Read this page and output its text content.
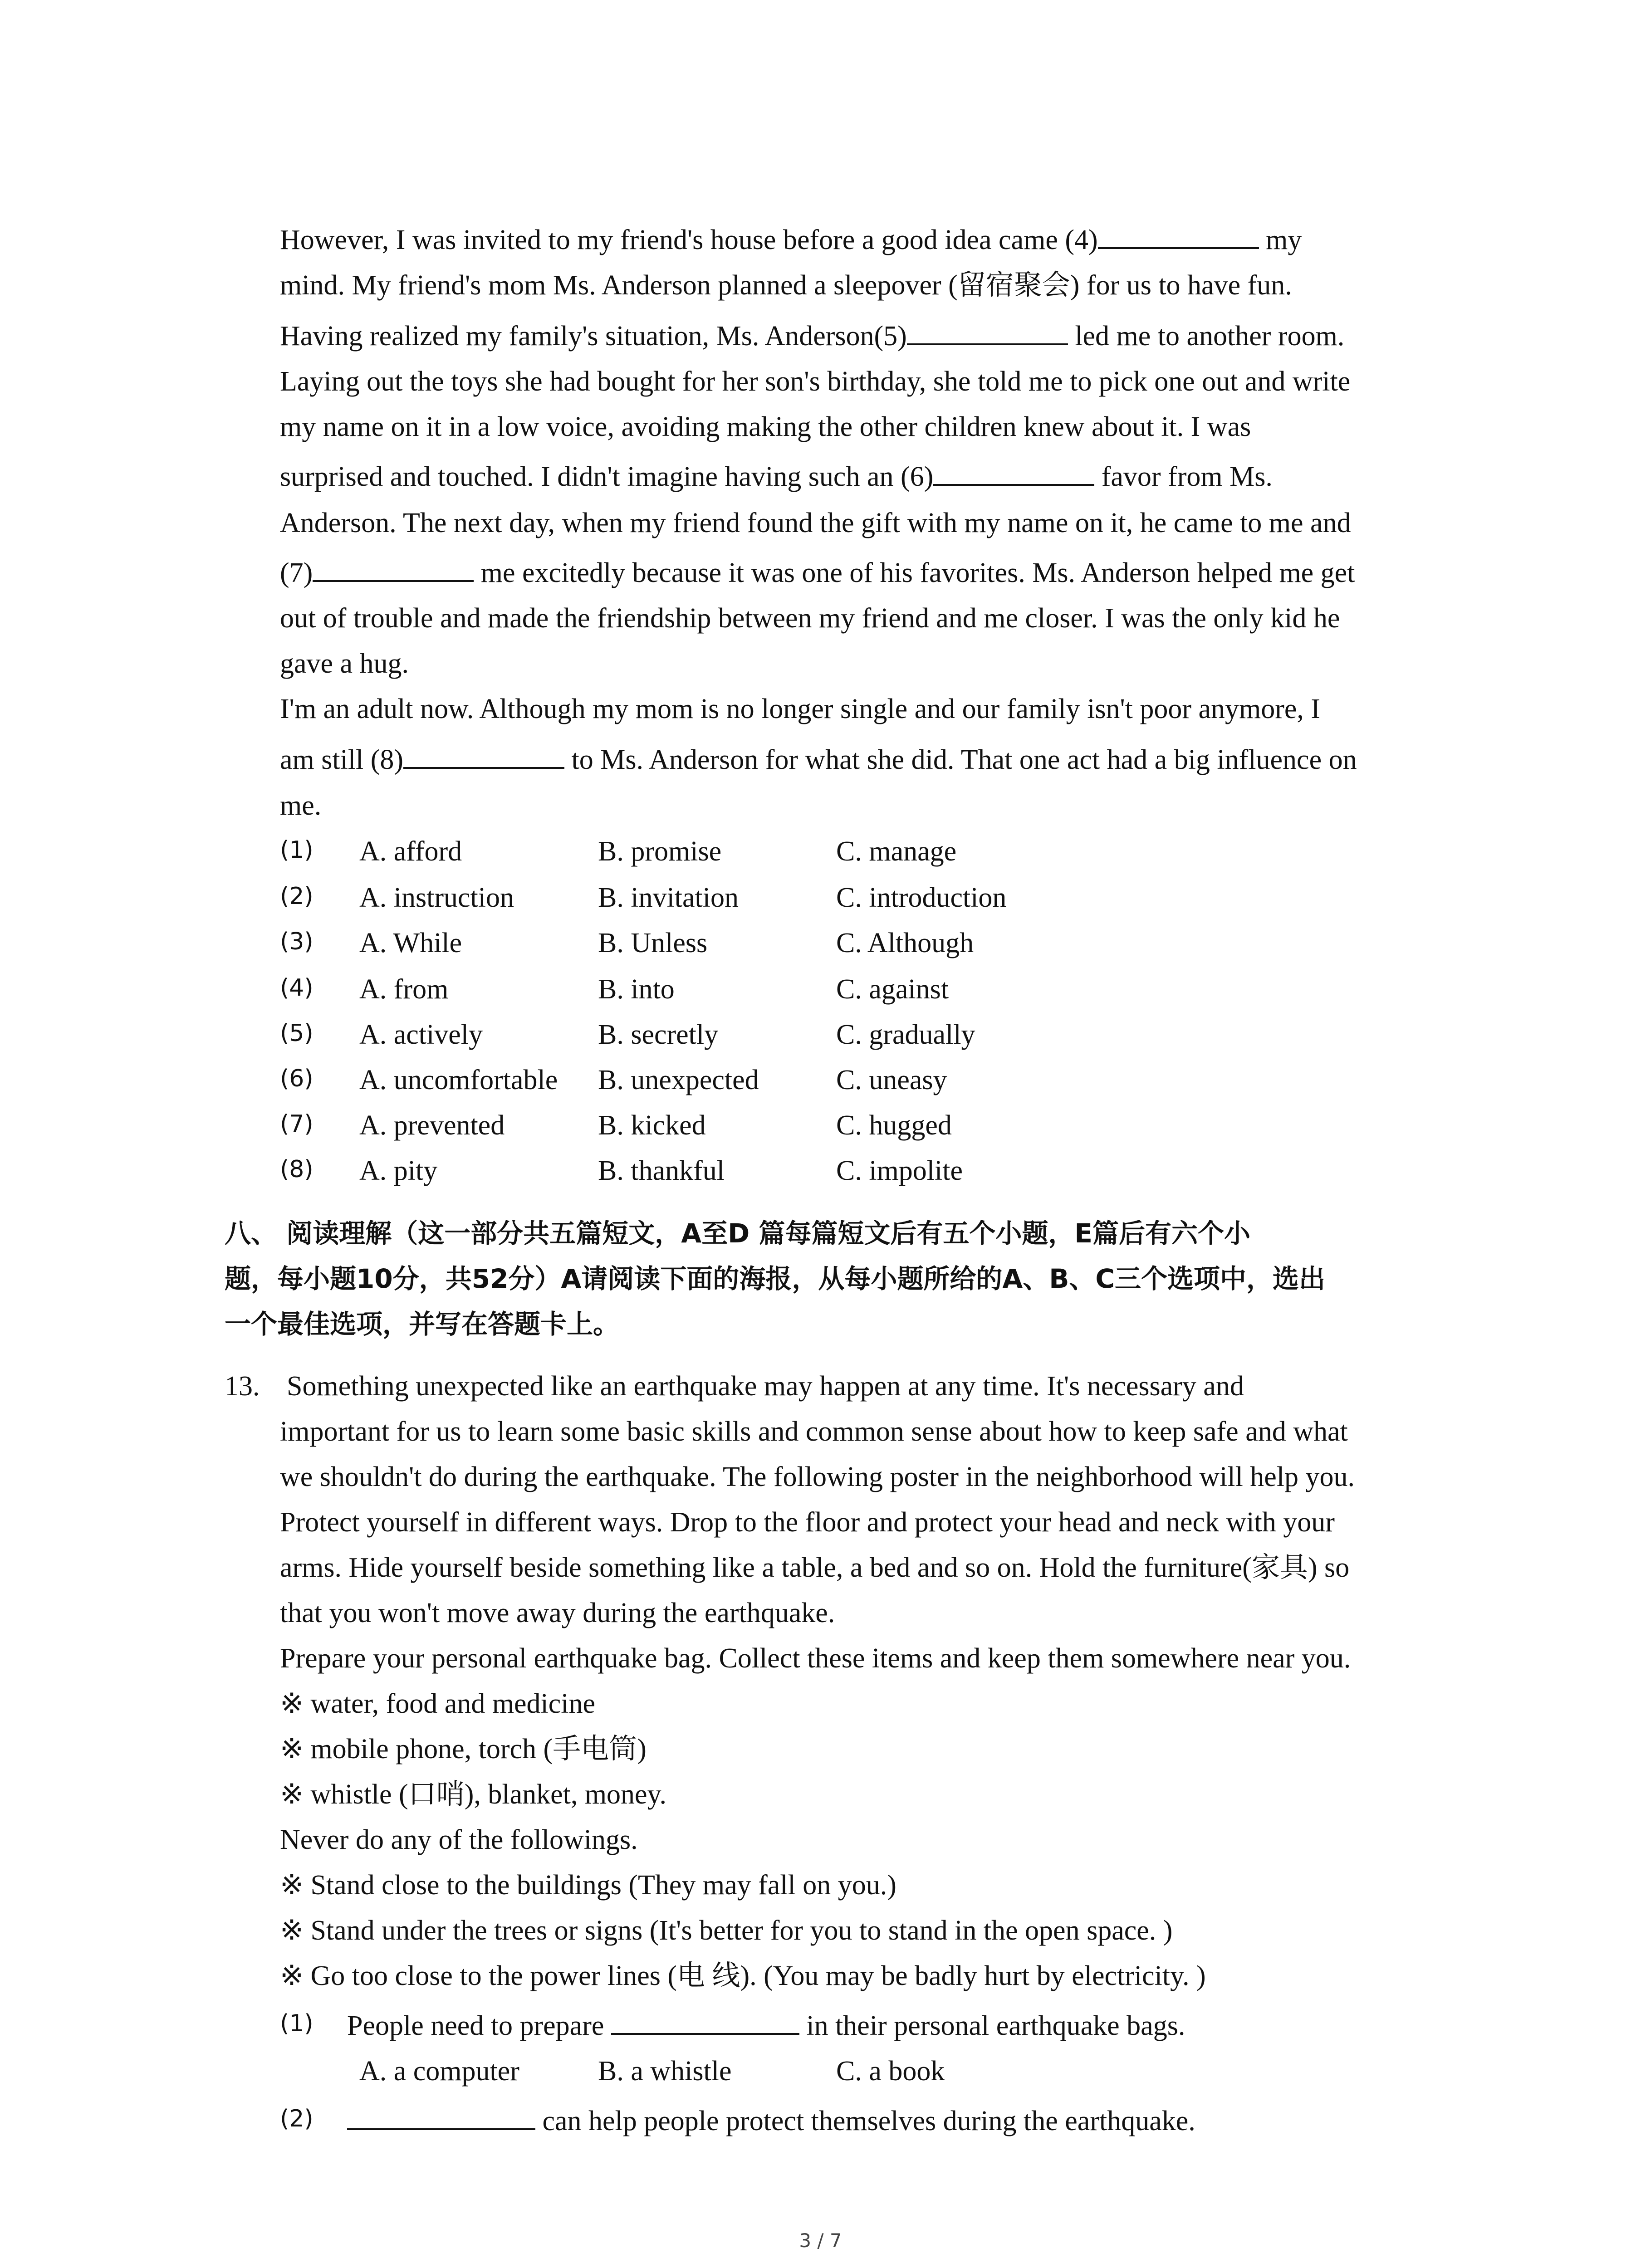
However, I was invited to my friend's house before a good idea came (4)	my
mind. My friend's mom Ms. Anderson planned a sleepover (留宿聚会) for us to have fun.
Having realized my family's situation, Ms. Anderson(5)	led me to another room.
Laying out the toys she had bought for her son's birthday, she told me to pick one out and write
my name on it in a low voice, avoiding making the other children knew about it. I was
surprised and touched. I didn't imagine having such an (6)	favor from Ms.
Anderson. The next day, when my friend found the gift with my name on it, he came to me and
(7)	me excitedly because it was one of his favorites. Ms. Anderson helped me get
out of trouble and made the friendship between my friend and me closer. I was the only kid he
gave a hug.
I'm an adult now. Although my mom is no longer single and our family isn't poor anymore, I
am still (8)	to Ms. Anderson for what she did. That one act had a big influence on
me.
(1) A. afford	B. promise	C. manage
(2) A. instruction	B. invitation	C. introduction
(3) A. While	B. Unless	C. Although
(4) A. from	B. into	C. against
(5) A. actively	B. secretly	C. gradually
(6) A. uncomfortable B. unexpected	C. uneasy
(7) A. prevented	B. kicked	C. hugged
(8) A. pity	B. thankful	C. impolite
八、 阅读理解（这一部分共五篇短文，A至D 篇每篇短文后有五个小题，E篇后有六个小
题，每小题10分，共52分）A请阅读下面的海报，从每小题所给的A、B、C三个选项中，选出
一个最佳选项，并写在答题卡上。
13. Something unexpected like an earthquake may happen at any time. It's necessary and
important for us to learn some basic skills and common sense about how to keep safe and what
we shouldn't do during the earthquake. The following poster in the neighborhood will help you.
Protect yourself in different ways. Drop to the floor and protect your head and neck with your
arms. Hide yourself beside something like a table, a bed and so on. Hold the furniture(家具) so
that you won't move away during the earthquake.
Prepare your personal earthquake bag. Collect these items and keep them somewhere near you.
※ water, food and medicine
※ mobile phone, torch (手电筒)
※ whistle (口哨), blanket, money.
Never do any of the followings.
※ Stand close to the buildings (They may fall on you.)
※ Stand under the trees or signs (It's better for you to stand in the open space. )
※ Go too close to the power lines (电 线). (You may be badly hurt by electricity. )
(1) People need to prepare	in their personal earthquake bags.
A. a computer	B. a whistle	C. a book
(2)	can help people protect themselves during the earthquake.
3 / 7
